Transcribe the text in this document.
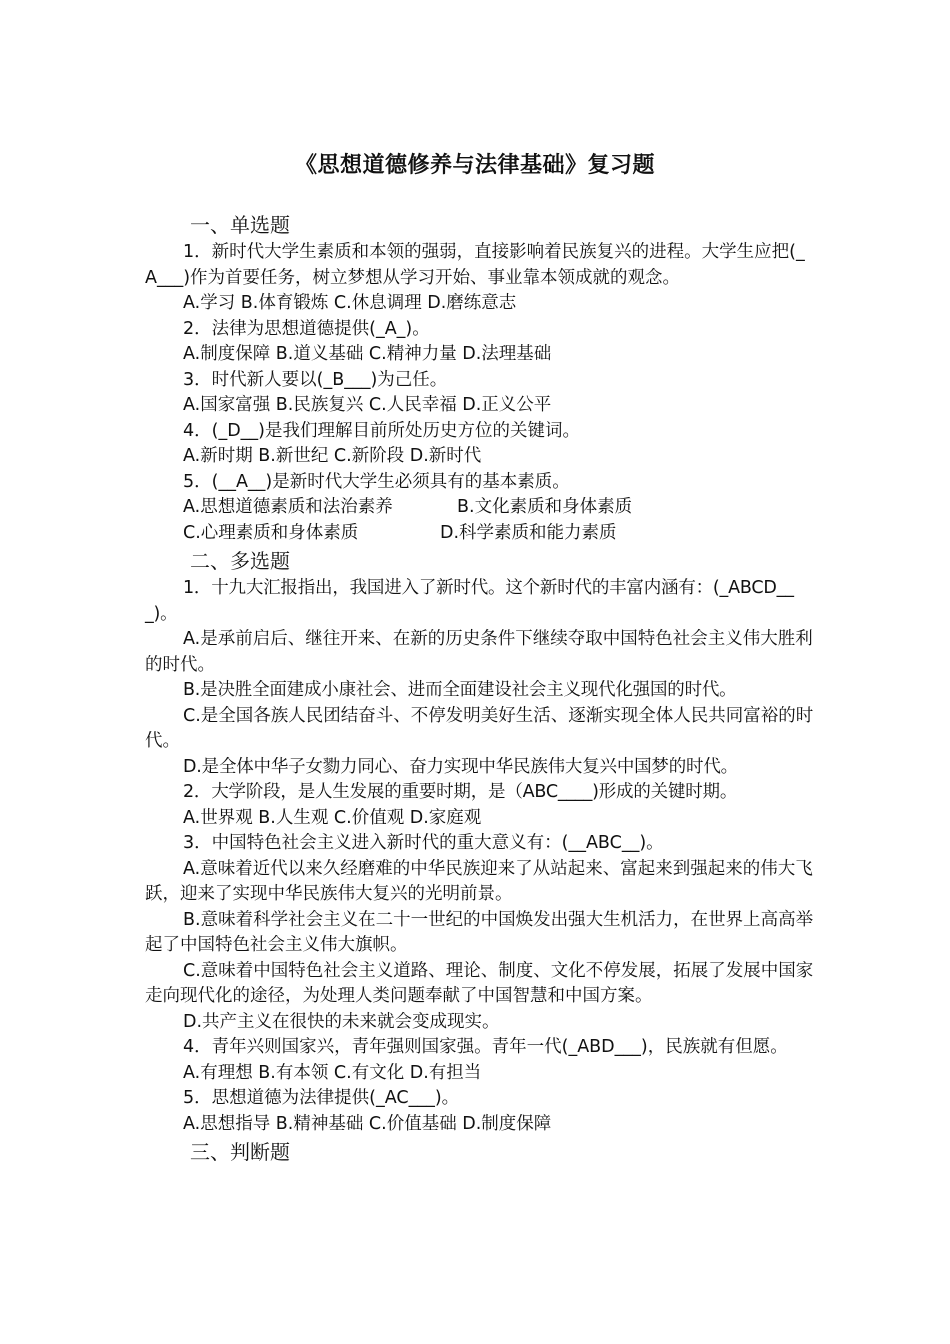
《思想道德修养与法律基础》复习题
一、单选题

1．新时代大学生素质和本领的强弱，直接影响着民族复兴的进程。大学生应把(_A___)作为首要任务，树立梦想从学习开始、事业靠本领成就的观念。

A.学习 B.体育锻炼 C.休息调理 D.磨练意志

2．法律为思想道德提供(_A_)。

A.制度保障 B.道义基础 C.精神力量 D.法理基础

3．时代新人要以(_B___)为己任。

A.国家富强 B.民族复兴 C.人民幸福 D.正义公平

4．(_D__)是我们理解目前所处历史方位的关键词。

A.新时期 B.新世纪 C.新阶段 D.新时代

5．(__A__)是新时代大学生必须具有的基本素质。

A.思想道德素质和法治素养	B.文化素质和身体素质
C.心理素质和身体素质	D.科学素质和能力素质
二、多选题

1．十九大汇报指出，我国进入了新时代。这个新时代的丰富内涵有：(_ABCD___)。

A.是承前启后、继往开来、在新的历史条件下继续夺取中国特色社会主义伟大胜利的时代。

B.是决胜全面建成小康社会、进而全面建设社会主义现代化强国的时代。

C.是全国各族人民团结奋斗、不停发明美好生活、逐渐实现全体人民共同富裕的时代。

D.是全体中华子女勠力同心、奋力实现中华民族伟大复兴中国梦的时代。

2．大学阶段，是人生发展的重要时期，是（ABC____)形成的关键时期。

A.世界观 B.人生观 C.价值观 D.家庭观

3．中国特色社会主义进入新时代的重大意义有：(__ABC__)。

A.意味着近代以来久经磨难的中华民族迎来了从站起来、富起来到强起来的伟大飞跃，迎来了实现中华民族伟大复兴的光明前景。

B.意味着科学社会主义在二十一世纪的中国焕发出强大生机活力，在世界上高高举起了中国特色社会主义伟大旗帜。

C.意味着中国特色社会主义道路、理论、制度、文化不停发展，拓展了发展中国家走向现代化的途径，为处理人类问题奉献了中国智慧和中国方案。

D.共产主义在很快的未来就会变成现实。

4．青年兴则国家兴，青年强则国家强。青年一代(_ABD___)，民族就有但愿。

A.有理想 B.有本领 C.有文化 D.有担当

5．思想道德为法律提供(_AC___)。

A.思想指导 B.精神基础 C.价值基础 D.制度保障

三、判断题
